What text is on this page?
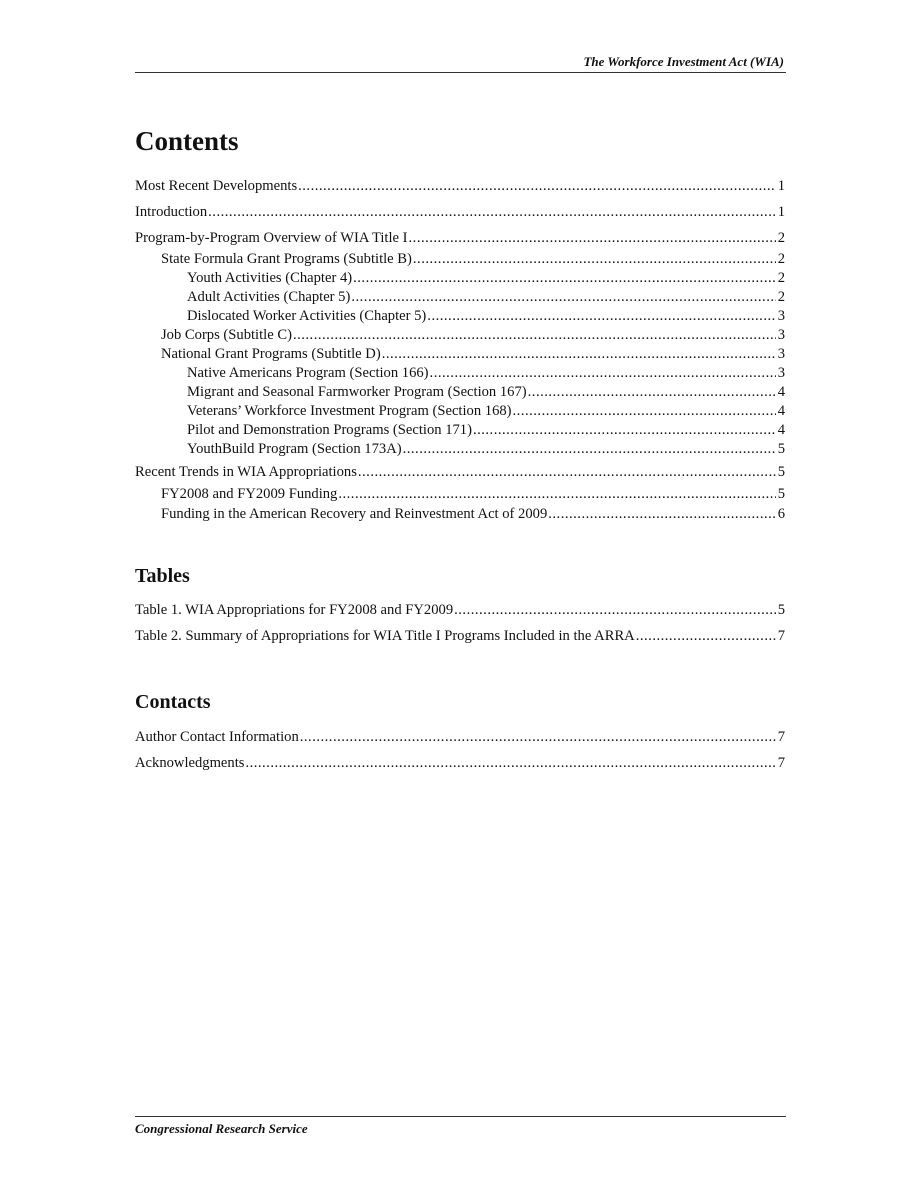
The Workforce Investment Act (WIA)
Contents
Most Recent Developments .....	1
Introduction .....	1
Program-by-Program Overview of WIA Title I .....	2
State Formula Grant Programs (Subtitle B) .....	2
Youth Activities (Chapter 4) .....	2
Adult Activities (Chapter 5) .....	2
Dislocated Worker Activities (Chapter 5) .....	3
Job Corps (Subtitle C) .....	3
National Grant Programs (Subtitle D) .....	3
Native Americans Program (Section 166) .....	3
Migrant and Seasonal Farmworker Program (Section 167) .....	4
Veterans’ Workforce Investment Program (Section 168) .....	4
Pilot and Demonstration Programs (Section 171) .....	4
YouthBuild Program (Section 173A) .....	5
Recent Trends in WIA Appropriations .....	5
FY2008 and FY2009 Funding .....	5
Funding in the American Recovery and Reinvestment Act of 2009 .....	6
Tables
Table 1. WIA Appropriations for FY2008 and FY2009 .....	5
Table 2. Summary of Appropriations for WIA Title I Programs Included in the ARRA .....	7
Contacts
Author Contact Information .....	7
Acknowledgments .....	7
Congressional Research Service
